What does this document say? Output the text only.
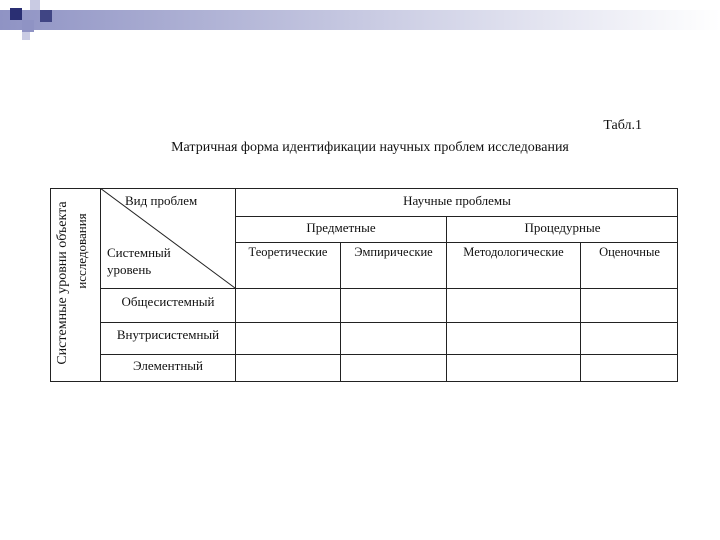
Табл.1
Матричная форма идентификации научных проблем исследования
Системные уровни объекта исследования
Вид проблем
Системный
уровень
Научные проблемы
Предметные	Процедурные
Теоретические	Эмпирические	Методологические	Оценочные
Общесистемный
Внутрисистемный
Элементный
